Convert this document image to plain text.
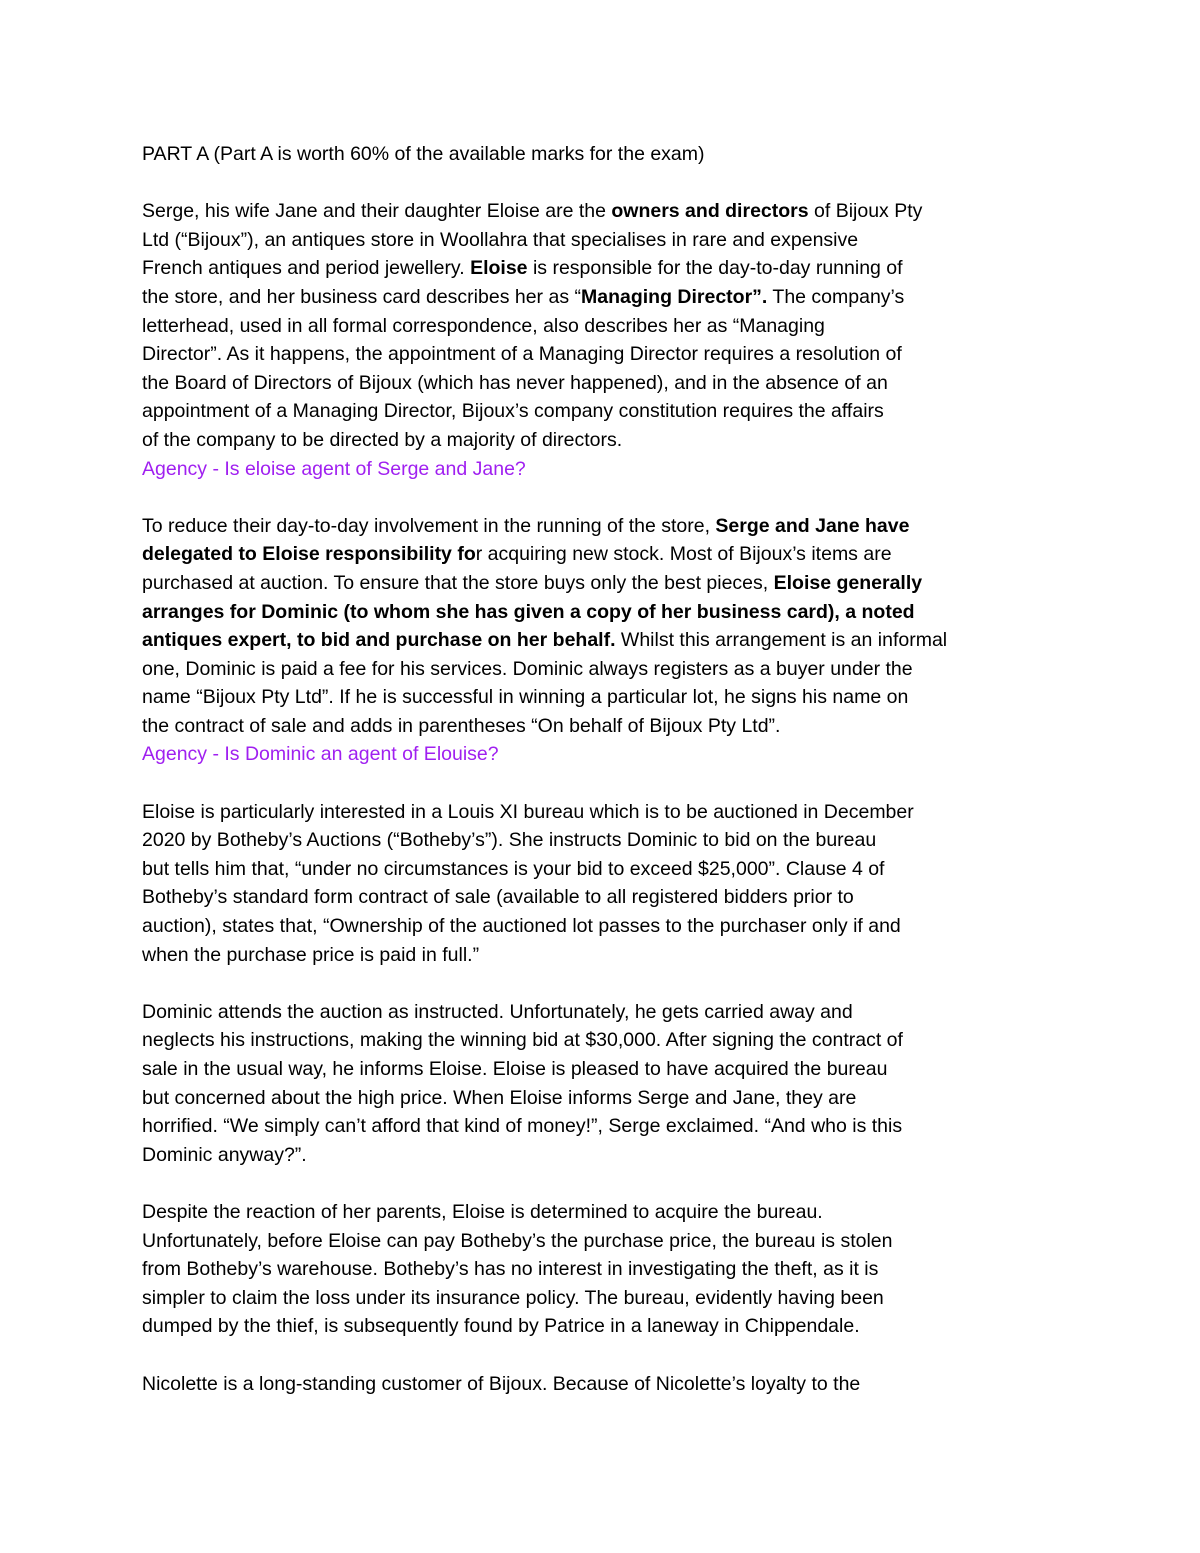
PART A (Part A is worth 60% of the available marks for the exam)
Serge, his wife Jane and their daughter Eloise are the owners and directors of Bijoux Pty
Ltd (“Bijoux”), an antiques store in Woollahra that specialises in rare and expensive
French antiques and period jewellery. Eloise is responsible for the day-to-day running of
the store, and her business card describes her as “Managing Director”. The company’s
letterhead, used in all formal correspondence, also describes her as “Managing
Director”. As it happens, the appointment of a Managing Director requires a resolution of
the Board of Directors of Bijoux (which has never happened), and in the absence of an
appointment of a Managing Director, Bijoux’s company constitution requires the affairs
of the company to be directed by a majority of directors.
Agency - Is eloise agent of Serge and Jane?
To reduce their day-to-day involvement in the running of the store, Serge and Jane have
delegated to Eloise responsibility for acquiring new stock. Most of Bijoux’s items are
purchased at auction. To ensure that the store buys only the best pieces, Eloise generally
arranges for Dominic (to whom she has given a copy of her business card), a noted
antiques expert, to bid and purchase on her behalf. Whilst this arrangement is an informal
one, Dominic is paid a fee for his services. Dominic always registers as a buyer under the
name “Bijoux Pty Ltd”. If he is successful in winning a particular lot, he signs his name on
the contract of sale and adds in parentheses “On behalf of Bijoux Pty Ltd”.
Agency - Is Dominic an agent of Elouise?
Eloise is particularly interested in a Louis XI bureau which is to be auctioned in December
2020 by Botheby’s Auctions (“Botheby’s”). She instructs Dominic to bid on the bureau
but tells him that, “under no circumstances is your bid to exceed $25,000”. Clause 4 of
Botheby’s standard form contract of sale (available to all registered bidders prior to
auction), states that, “Ownership of the auctioned lot passes to the purchaser only if and
when the purchase price is paid in full.”
Dominic attends the auction as instructed. Unfortunately, he gets carried away and
neglects his instructions, making the winning bid at $30,000. After signing the contract of
sale in the usual way, he informs Eloise. Eloise is pleased to have acquired the bureau
but concerned about the high price. When Eloise informs Serge and Jane, they are
horrified. “We simply can’t afford that kind of money!”, Serge exclaimed. “And who is this
Dominic anyway?”.
Despite the reaction of her parents, Eloise is determined to acquire the bureau.
Unfortunately, before Eloise can pay Botheby’s the purchase price, the bureau is stolen
from Botheby’s warehouse. Botheby’s has no interest in investigating the theft, as it is
simpler to claim the loss under its insurance policy. The bureau, evidently having been
dumped by the thief, is subsequently found by Patrice in a laneway in Chippendale.
Nicolette is a long-standing customer of Bijoux. Because of Nicolette’s loyalty to the
